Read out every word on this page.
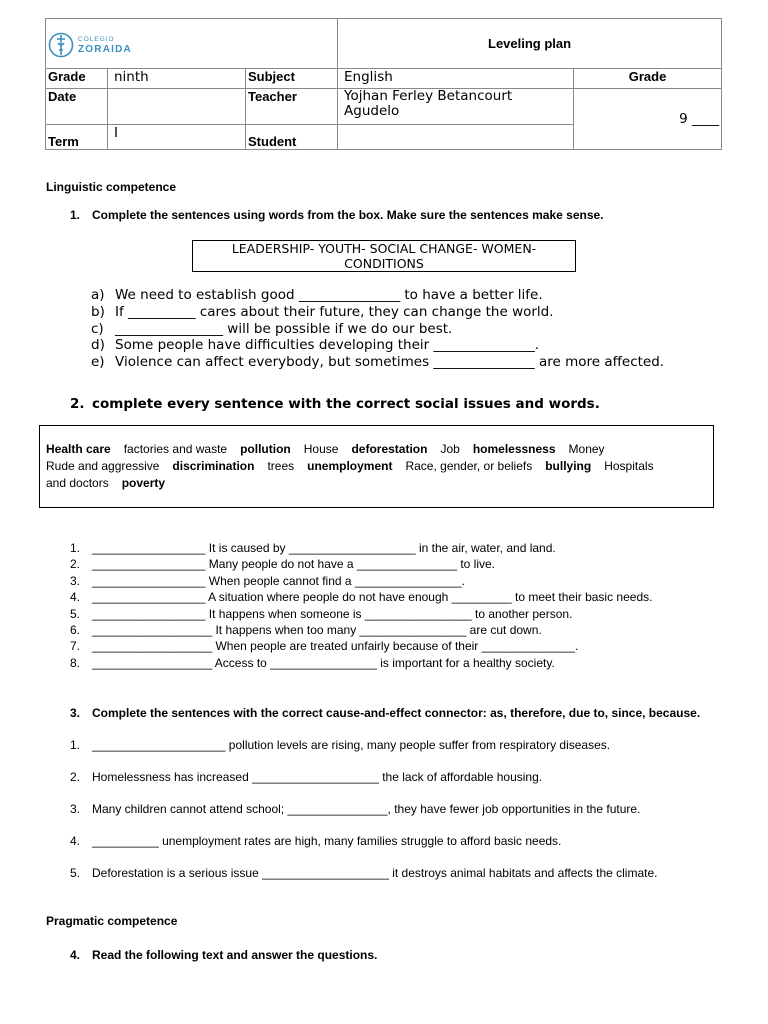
COLEGIO
ZORAIDA			Leveling plan	
Grade	ninth	Subject	English	Grade
Date		Teacher	Yojhan Ferley Betancourt Agudelo	9 ____
Term	I	Student		
Linguistic competence
1. Complete the sentences using words from the box. Make sure the sentences make sense.
LEADERSHIP- YOUTH- SOCIAL CHANGE- WOMEN- CONDITIONS
a) We need to establish good _______________ to have a better life.
b) If __________ cares about their future, they can change the world.
c) ________________ will be possible if we do our best.
d) Some people have difficulties developing their _______________.
e) Violence can affect everybody, but sometimes _______________ are more affected.
2. complete every sentence with the correct social issues and words.
Health care factories and waste pollution House deforestation Job homelessness Money
Rude and aggressive discrimination trees unemployment Race, gender, or beliefs bullying Hospitals
and doctors poverty
1. _________________ It is caused by ___________________ in the air, water, and land.
2. _________________ Many people do not have a _______________ to live.
3. _________________ When people cannot find a ________________.
4. _________________ A situation where people do not have enough _________ to meet their basic needs.
5. _________________ It happens when someone is ________________ to another person.
6. __________________ It happens when too many ________________ are cut down.
7. __________________ When people are treated unfairly because of their ______________.
8. __________________ Access to ________________ is important for a healthy society.
3. Complete the sentences with the correct cause-and-effect connector: as, therefore, due to, since, because.
1. ____________________ pollution levels are rising, many people suffer from respiratory diseases.
2. Homelessness has increased ___________________ the lack of affordable housing.
3. Many children cannot attend school; _______________, they have fewer job opportunities in the future.
4. __________ unemployment rates are high, many families struggle to afford basic needs.
5. Deforestation is a serious issue ___________________ it destroys animal habitats and affects the climate.
Pragmatic competence
4. Read the following text and answer the questions.
